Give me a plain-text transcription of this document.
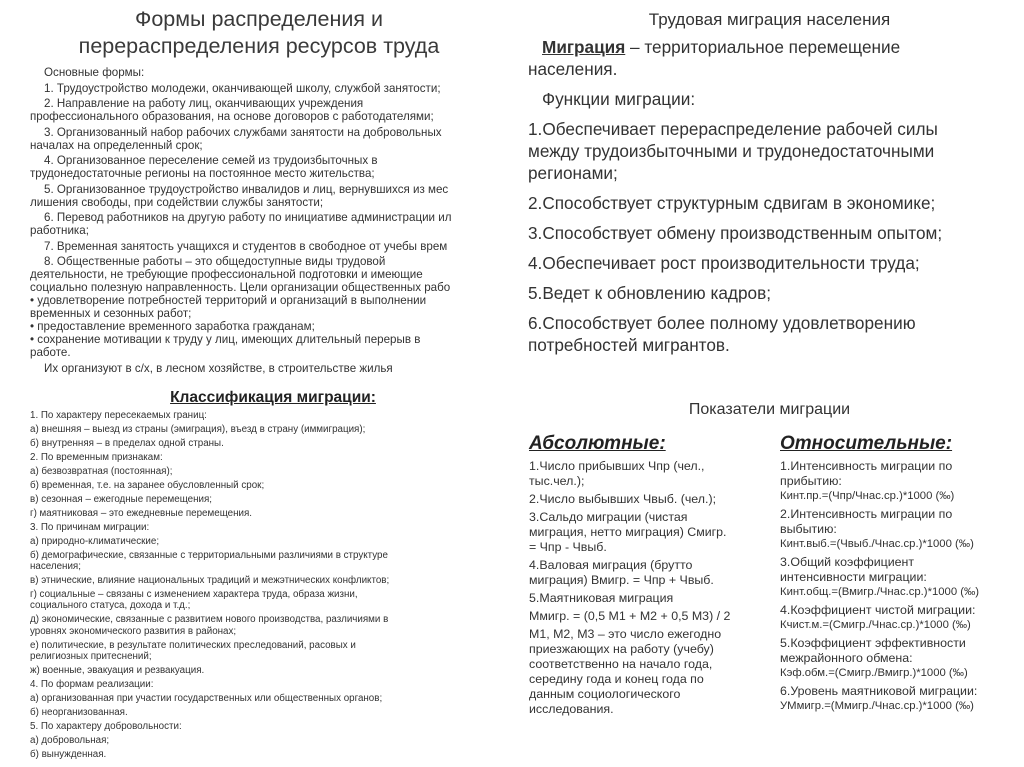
Формы распределения и
перераспределения ресурсов труда
Основные формы:
1. Трудоустройство молодежи, оканчивающей школу, службой занятости;
2. Направление на работу лиц, оканчивающих учреждения
профессионального образования, на основе договоров с работодателями;
3. Организованный набор рабочих службами занятости на добровольных
началах на определенный срок;
4. Организованное переселение семей из трудоизбыточных в
трудонедостаточные регионы на постоянное место жительства;
5. Организованное трудоустройство инвалидов и лиц, вернувшихся из мес
лишения свободы, при содействии службы занятости;
6. Перевод работников на другую работу по инициативе администрации ил
работника;
7. Временная занятость учащихся и студентов в свободное от учебы врем
8. Общественные работы – это общедоступные виды трудовой
деятельности, не требующие профессиональной подготовки и имеющие
социально полезную направленность. Цели организации общественных рабо
• удовлетворение потребностей территорий и организаций в выполнении
временных и сезонных работ;
• предоставление временного заработка гражданам;
• сохранение мотивации к труду у лиц, имеющих длительный перерыв в
работе.
Их организуют в с/х, в лесном хозяйстве, в строительстве жилья
Классификация миграции:
1. По характеру пересекаемых границ:
а) внешняя – выезд из страны (эмиграция), въезд в страну (иммиграция);
б) внутренняя – в пределах одной страны.
2. По временным признакам:
а) безвозвратная (постоянная);
б) временная, т.е. на заранее обусловленный срок;
в) сезонная – ежегодные перемещения;
г) маятниковая – это ежедневные перемещения.
3. По причинам миграции:
а) природно-климатические;
б) демографические, связанные с территориальными различиями в структуре
населения;
в) этнические, влияние национальных традиций и межэтнических конфликтов;
г) социальные – связаны с изменением характера труда, образа жизни,
социального статуса, дохода и т.д.;
д) экономические, связанные с развитием нового производства, различиями в
уровнях экономического развития в районах;
е) политические, в результате политических преследований, расовых и
религиозных притеснений;
ж) военные, эвакуация и резвакуация.
4. По формам реализации:
а) организованная при участии государственных или общественных органов;
б) неорганизованная.
5. По характеру добровольности:
а) добровольная;
б) вынужденная.
Трудовая миграция населения
Миграция – территориальное перемещение
населения.
Функции миграции:
1.Обеспечивает перераспределение рабочей силы
между трудоизбыточными и трудонедостаточными
регионами;
2.Способствует структурным сдвигам в экономике;
3.Способствует обмену производственным опытом;
4.Обеспечивает рост производительности труда;
5.Ведет к обновлению кадров;
6.Способствует более полному удовлетворению
потребностей мигрантов.
Показатели миграции
Абсолютные:
1.Число прибывших Чпр (чел.,
тыс.чел.);
2.Число выбывших Чвыб. (чел.);
3.Сальдо миграции (чистая
миграция, нетто миграция) Смигр.
= Чпр - Чвыб.
4.Валовая миграция (брутто
миграция) Вмигр. = Чпр + Чвыб.
5.Маятниковая миграция
Ммигр. = (0,5 М1 + М2 + 0,5 М3) / 2
М1, М2, М3 – это число ежегодно
приезжающих на работу (учебу)
соответственно на начало года,
середину года и конец года по
данным социологического
исследования.
Относительные:
1.Интенсивность миграции по
прибытию:
Кинт.пр.=(Чпр/Чнас.ср.)*1000 (‰)
2.Интенсивность миграции по
выбытию:
Кинт.выб.=(Чвыб./Чнас.ср.)*1000 (‰)
3.Общий коэффициент
интенсивности миграции:
Кинт.общ.=(Вмигр./Чнас.ср.)*1000 (‰)
4.Коэффициент чистой миграции:
Кчист.м.=(Смигр./Чнас.ср.)*1000 (‰)
5.Коэффициент эффективности
межрайонного обмена:
Кэф.обм.=(Смигр./Вмигр.)*1000 (‰)
6.Уровень маятниковой миграции:
УМмигр.=(Ммигр./Чнас.ср.)*1000 (‰)
